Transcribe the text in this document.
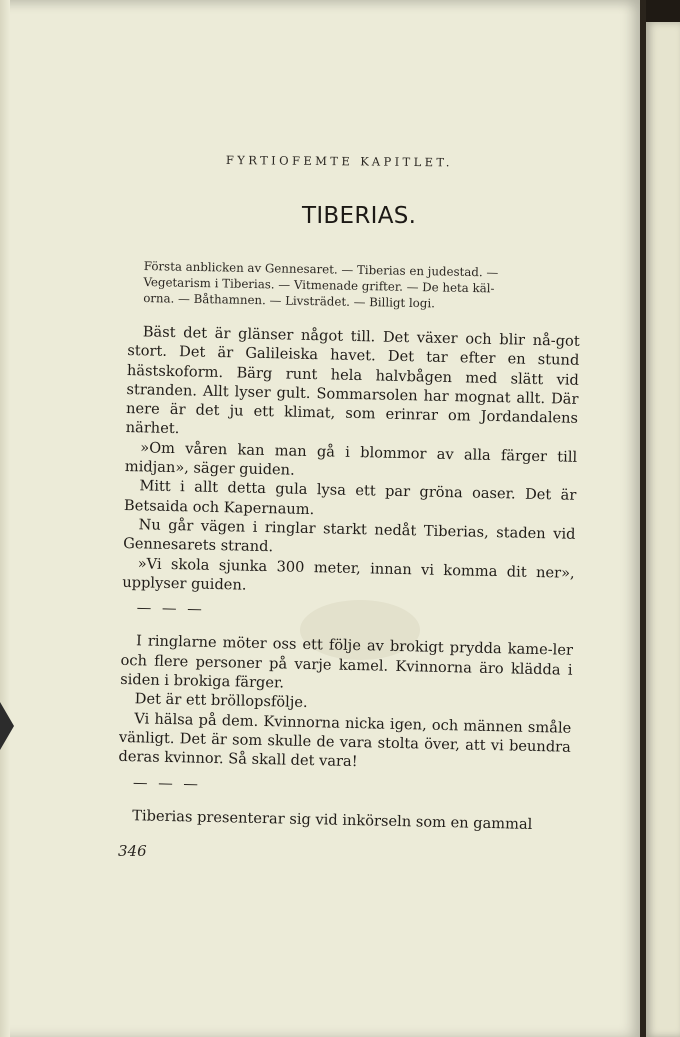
FYRTIOFEMTE KAPITLET.
TIBERIAS.

Första anblicken av Gennesaret. — Tiberias en judestad. —

Vegetarism i Tiberias. — Vitmenade grifter. — De heta käl-

orna. — Båthamnen. — Livsträdet. — Billigt logi.

Bäst det är glänser något till. Det växer och blir nå-got stort. Det är Galileiska havet. Det tar efter en stund hästskoform. Bärg runt hela halvbågen med slätt vid stranden. Allt lyser gult. Sommarsolen har mognat allt. Där nere är det ju ett klimat, som erinrar om Jordandalens närhet.

»Om våren kan man gå i blommor av alla färger till midjan», säger guiden.

Mitt i allt detta gula lysa ett par gröna oaser. Det är Betsaida och Kapernaum.

Nu går vägen i ringlar starkt nedåt Tiberias, staden vid Gennesarets strand.

»Vi skola sjunka 300 meter, innan vi komma dit ner», upplyser guiden.

— — —

I ringlarne möter oss ett följe av brokigt prydda kame-ler och flere personer på varje kamel. Kvinnorna äro klädda i siden i brokiga färger.

Det är ett bröllopsfölje.

Vi hälsa på dem. Kvinnorna nicka igen, och männen småle vänligt. Det är som skulle de vara stolta över, att vi beundra deras kvinnor. Så skall det vara!

— — —

Tiberias presenterar sig vid inkörseln som en gammal

346
